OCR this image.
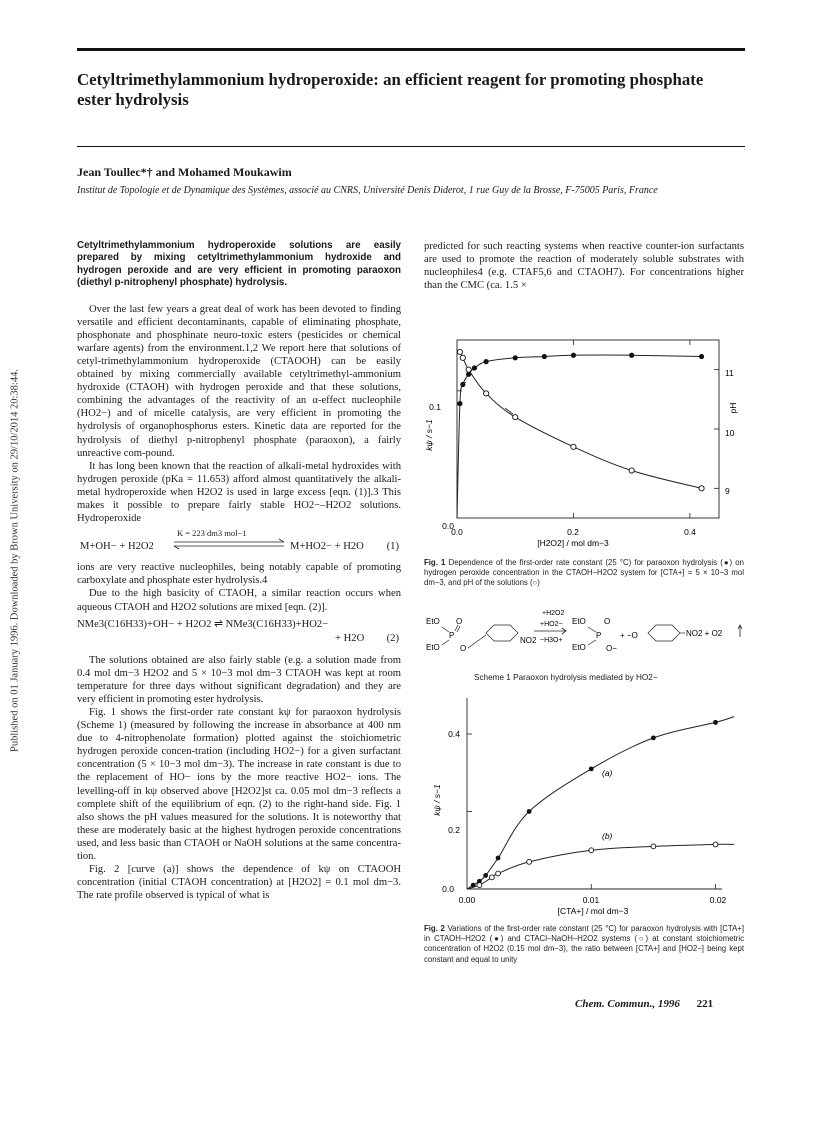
Published on 01 January 1996. Downloaded by Brown University on 29/10/2014 20:38:44.
Cetyltrimethylammonium hydroperoxide: an efficient reagent for promoting phosphate ester hydrolysis
Jean Toullec*† and Mohamed Moukawim
Institut de Topologie et de Dynamique des Systèmes, associé au CNRS, Université Denis Diderot, 1 rue Guy de la Brosse, F-75005 Paris, France

Cetyltrimethylammonium hydroperoxide solutions are easily prepared by mixing cetyltrimethylammonium hydroxide and hydrogen peroxide and are very efficient in promoting paraoxon (diethyl p-nitrophenyl phosphate) hydrolysis.

Over the last few years a great deal of work has been devoted to finding versatile and efficient decontaminants, capable of eliminating phosphate, phosphonate and phosphinate neuro-toxic esters (pesticides or chemical warfare agents) from the environment.1,2 We report here that solutions of cetyl-trimethylammonium hydroperoxide (CTAOOH) can be easily obtained by mixing commercially available cetyltrimethyl-ammonium hydroxide (CTAOH) with hydrogen peroxide and that these solutions, combining the advantages of the reactivity of an α-effect nucleophile (HO2−) and of micelle catalysis, are very efficient in promoting the hydrolysis of organophosphorus esters. Kinetic data are reported for the hydrolysis of diethyl p-nitrophenyl phosphate (paraoxon), a fairly unreactive com-pound.

It has long been known that the reaction of alkali-metal hydroxides with hydrogen peroxide (pKa = 11.653) afford almost quantitatively the alkali-metal hydroperoxide when H2O2 is used in large excess [eqn. (1)].3 This makes it possible to prepare fairly stable HO2−–H2O2 solutions. Hydroperoxide

K = 223 dm3 mol−1
M+OH− + H2O2	M+HO2− + H2O (1)

ions are very reactive nucleophiles, being notably capable of promoting carboxylate and phosphate ester hydrolysis.4

Due to the high basicity of CTAOH, a similar reaction occurs when aqueous CTAOH and H2O2 solutions are mixed [eqn. (2)].

NMe3(C16H33)+OH− + H2O2 ⇌ NMe3(C16H33)+HO2−
+ H2O (2)

The solutions obtained are also fairly stable (e.g. a solution made from 0.4 mol dm−3 H2O2 and 5 × 10−3 mol dm−3 CTAOH was kept at room temperature for three days without significant degradation) and they are very efficient in promoting ester hydrolysis.

Fig. 1 shows the first-order rate constant kψ for paraoxon hydrolysis (Scheme 1) (measured by following the increase in absorbance at 400 nm due to 4-nitrophenolate formation) plotted against the stoichiometric hydrogen peroxide concen-tration (including HO2−) for a given surfactant concentration (5 × 10−3 mol dm−3). The increase in rate constant is due to the replacement of HO− ions by the more reactive HO2− ions. The levelling-off in kψ observed above [H2O2]st ca. 0.05 mol dm−3 reflects a complete shift of the equilibrium of eqn. (2) to the right-hand side. Fig. 1 also shows the pH values measured for the solutions. It is noteworthy that these are moderately basic at the highest hydrogen peroxide concentrations used, and less basic than CTAOH or NaOH solutions at the same concentra-tion.

Fig. 2 [curve (a)] shows the dependence of kψ on CTAOOH concentration (initial CTAOH concentration) at [H2O2] = 0.1 mol dm−3. The rate profile observed is typical of what is

predicted for such reacting systems when reactive counter-ion surfactants are used to promote the reaction of moderately soluble substrates with nucleophiles4 (e.g. CTAF5,6 and CTAOH7). For concentrations higher than the CMC (ca. 1.5 ×

0.1
0.0
0.0	0.2	0.4
[H2O2] / mol dm−3
kψ / s−1
11
10
9
pH
Fig. 1 Dependence of the first-order rate constant (25 °C) for paraoxon hydrolysis (●) on hydrogen peroxide concentration in the CTAOH–H2O2 system for [CTA+] = 5 × 10−3 mol dm−3, and pH of the solutions (○)
EtO
EtO
O
P
O
NO2
+H2O2
+HO2−
−H3O+
EtO
EtO
O
P
O−
+ −O	NO2 + O2
Scheme 1 Paraoxon hydrolysis mediated by HO2−
0.4
0.2
0.0
0.00	0.01	0.02
[CTA+] / mol dm−3
kψ / s−1
(a)
(b)
Fig. 2 Variations of the first-order rate constant (25 °C) for paraoxon hydrolysis with [CTA+] in CTAOH–H2O2 (●) and CTACl–NaOH–H2O2 systems (○) at constant stoichiometric concentration of H2O2 (0.15 mol dm−3), the ratio between [CTA+] and [HO2−] being kept constant and equal to unity
Chem. Commun., 1996 221
